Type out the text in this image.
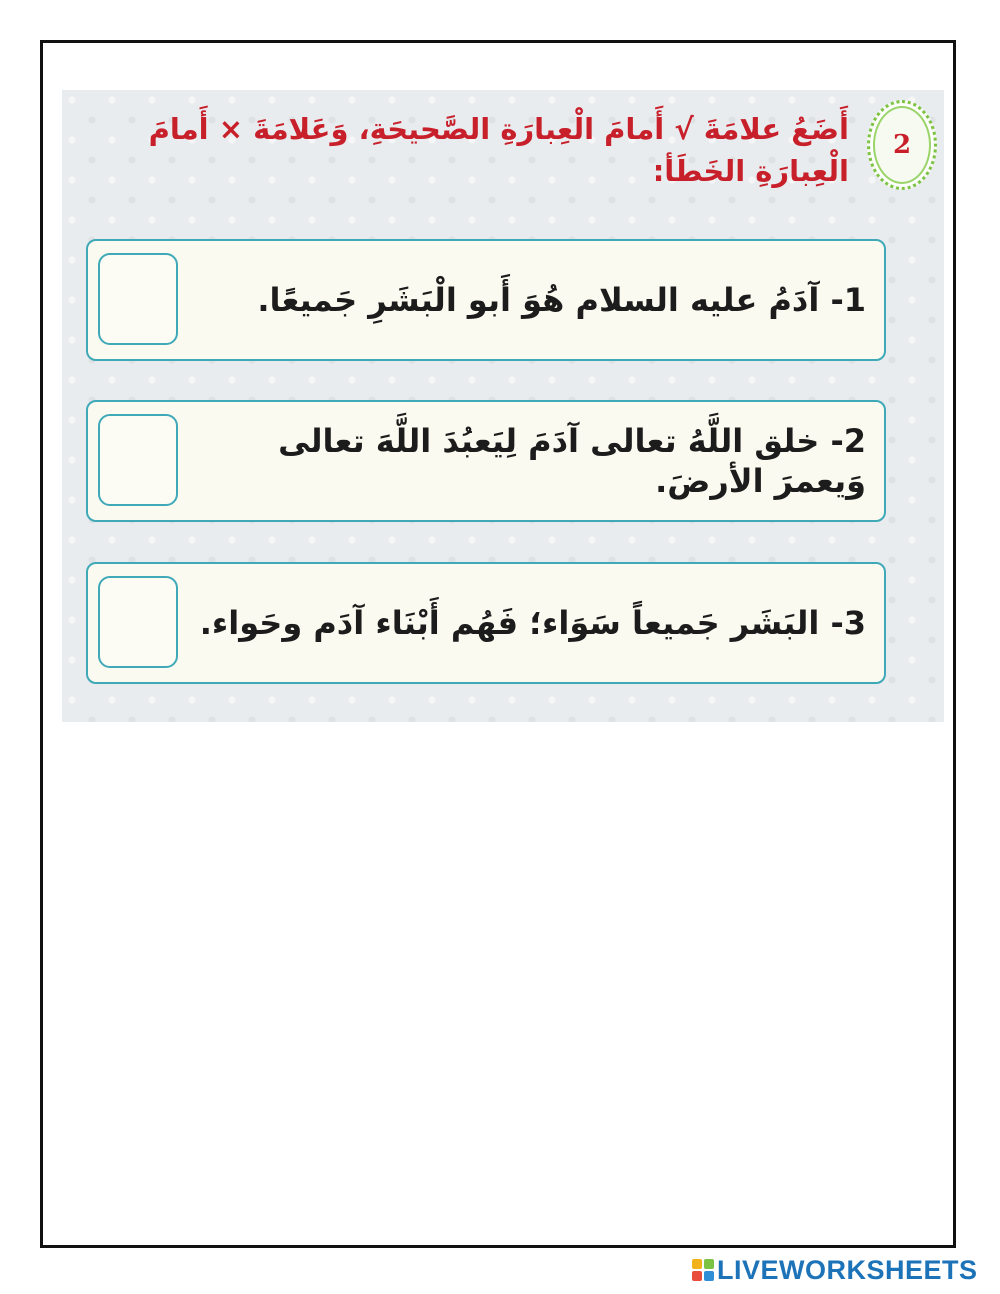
2
أَضَعُ علامَةَ √ أَمامَ الْعِبارَةِ الصَّحيحَةِ، وَعَلامَةَ × أَمامَ الْعِبارَةِ الخَطَأ:
1- آدَمُ عليه السلام هُوَ أَبو الْبَشَرِ جَميعًا.
2- خلق اللَّهُ تعالى آدَمَ لِيَعبُدَ اللَّهَ تعالى وَيعمرَ الأرضَ.
3- البَشَر جَميعاً سَوَاء؛ فَهُم أَبْنَاء آدَم وحَواء.
LIVEWORKSHEETS
